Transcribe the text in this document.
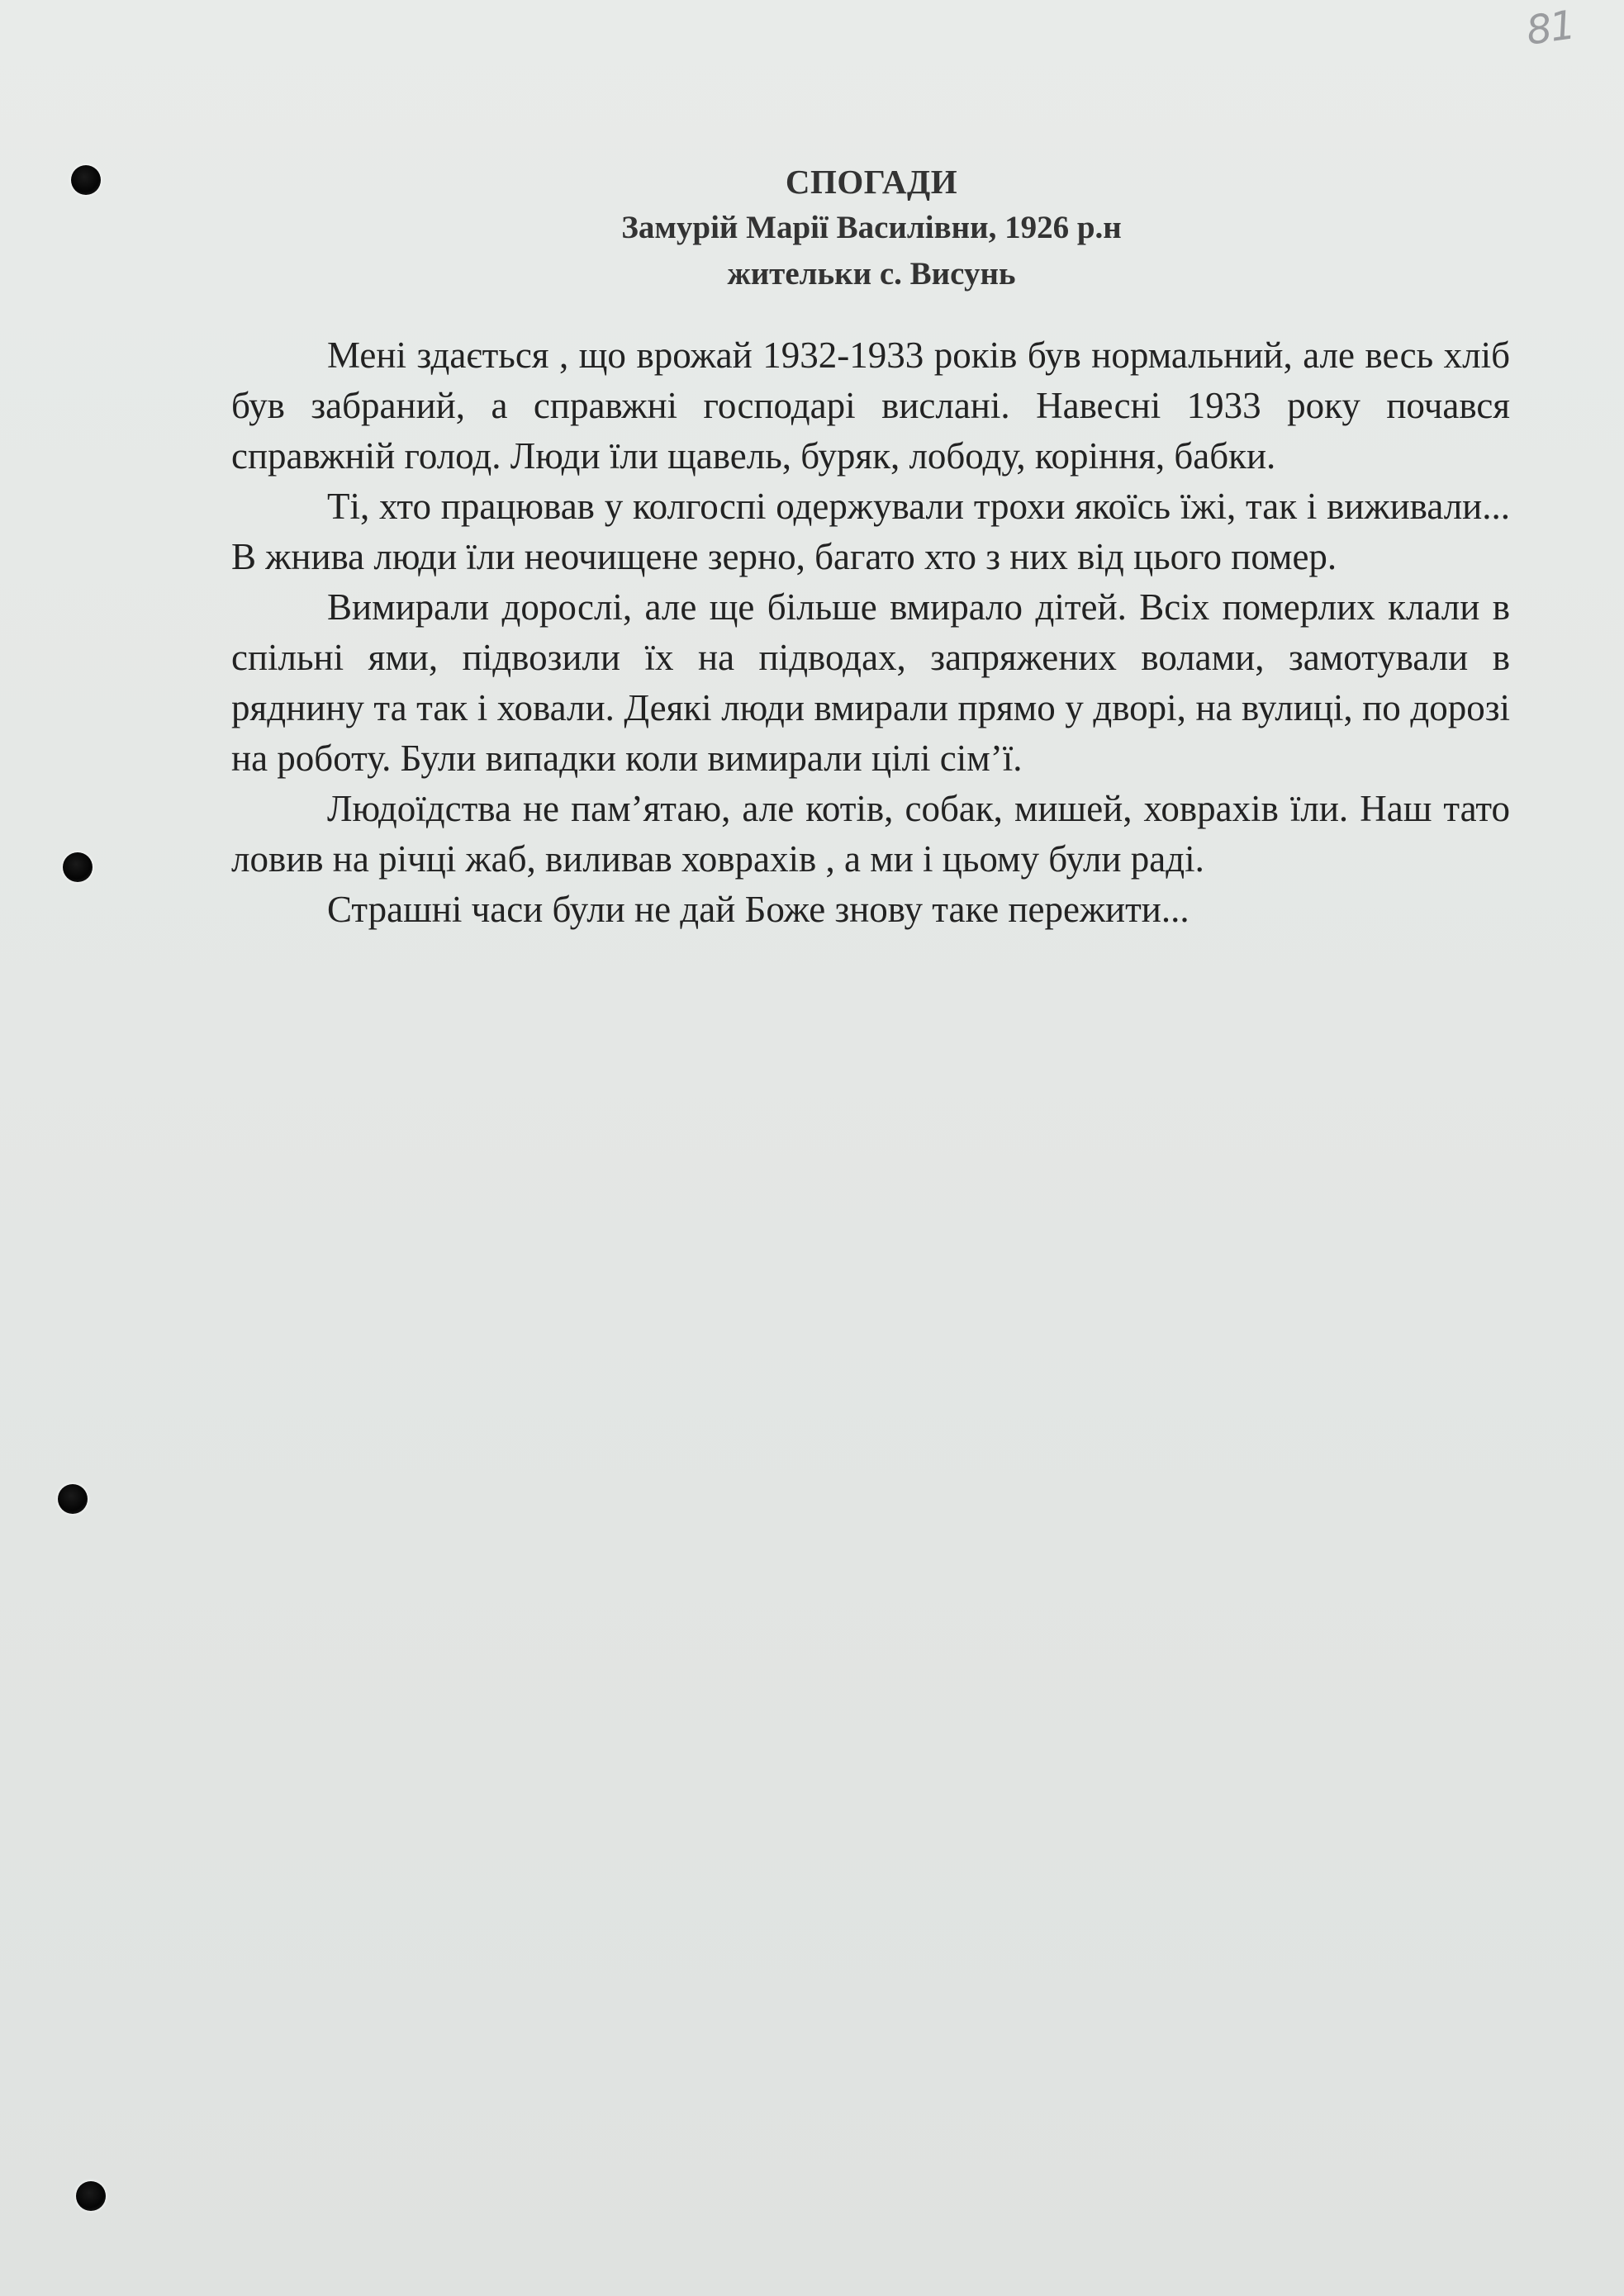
81
СПОГАДИ
Замурій Марії Василівни, 1926 р.н
жительки с. Висунь

Мені здається , що врожай 1932-1933 років був нормальний, але весь хліб був забраний, а справжні господарі вислані. Навесні 1933 року почався справжній голод. Люди їли щавель, буряк, лободу, коріння, бабки.

Ті, хто працював у колгоспі одержували трохи якоїсь їжі, так і виживали... В жнива люди їли неочищене зерно, багато хто з них від цього помер.

Вимирали дорослі, але ще більше вмирало дітей. Всіх померлих клали в спільні ями, підвозили їх на підводах, запряжених волами, замотували в ряднину та так і ховали. Деякі люди вмирали прямо у дворі, на вулиці, по дорозі на роботу. Були випадки коли вимирали цілі сім’ї.

Людоїдства не пам’ятаю, але котів, собак, мишей, ховрахів їли. Наш тато ловив на річці жаб, виливав ховрахів , а ми і цьому були раді.

Страшні часи були не дай Боже знову таке пережити...
